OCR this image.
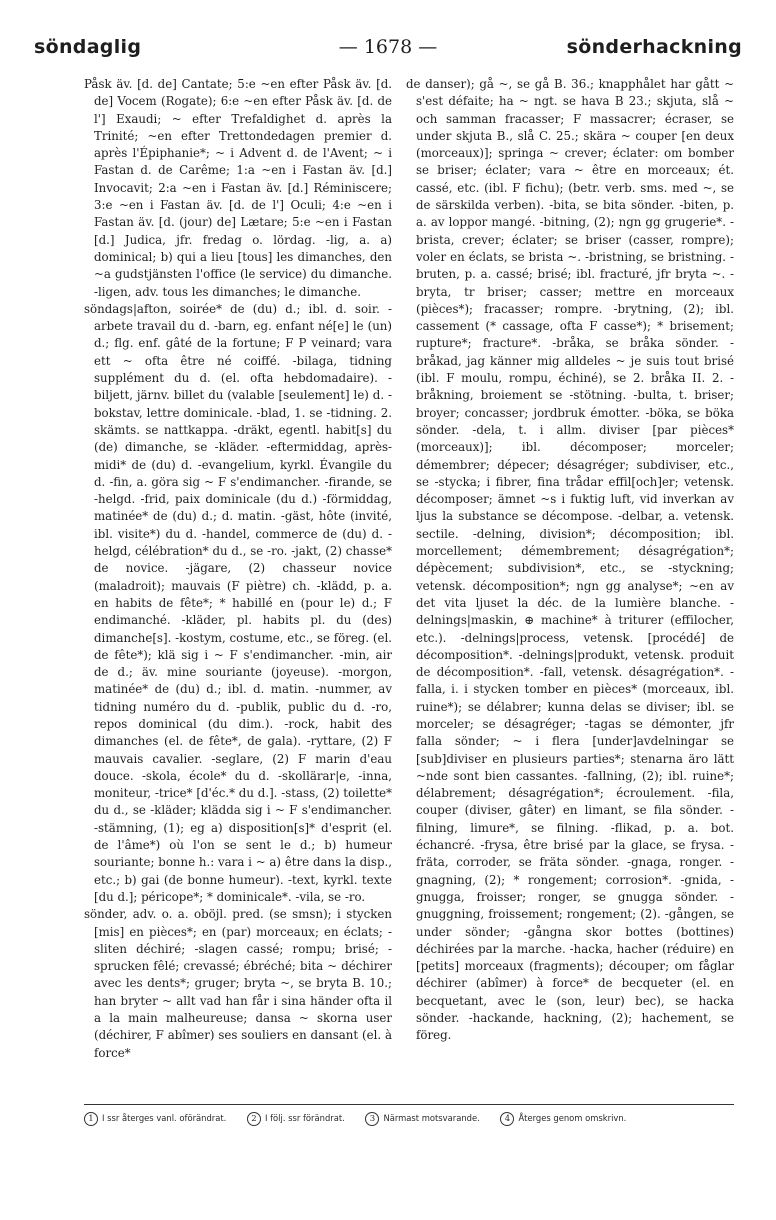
söndaglig	— 1678 —	sönderhackning

Påsk äv. [d. de] Cantate; 5:e ~en efter Påsk äv. [d. de] Vocem (Rogate); 6:e ~en efter Påsk äv. [d. de l'] Exaudi; ~ efter Trefaldighet d. après la Trinité; ~en efter Trettondedagen premier d. après l'Épiphanie*; ~ i Advent d. de l'Avent; ~ i Fastan d. de Carême; 1:a ~en i Fastan äv. [d.] Invocavit; 2:a ~en i Fastan äv. [d.] Réminiscere; 3:e ~en i Fastan äv. [d. de l'] Oculi; 4:e ~en i Fastan äv. [d. (jour) de] Lætare; 5:e ~en i Fastan [d.] Judica, jfr. fredag o. lördag. -lig, a. a) dominical; b) qui a lieu [tous] les dimanches, den ~a gudstjänsten l'office (le service) du dimanche. -ligen, adv. tous les dimanches; le dimanche.

söndags|afton, soirée* de (du) d.; ibl. d. soir. -arbete travail du d. -barn, eg. enfant né[e] le (un) d.; flg. enf. gâté de la fortune; F P veinard; vara ett ~ ofta être né coiffé. -bilaga, tidning supplément du d. (el. ofta hebdomadaire). -biljett, järnv. billet du (valable [seulement] le) d. -bokstav, lettre dominicale. -blad, 1. se -tidning. 2. skämts. se nattkappa. -dräkt, egentl. habit[s] du (de) dimanche, se -kläder. -eftermiddag, après-midi* de (du) d. -evangelium, kyrkl. Évangile du d. -fin, a. göra sig ~ F s'endimancher. -firande, se -helgd. -frid, paix dominicale (du d.) -förmiddag, matinée* de (du) d.; d. matin. -gäst, hôte (invité, ibl. visite*) du d. -handel, commerce de (du) d. -helgd, célébration* du d., se -ro. -jakt, (2) chasse* de novice. -jägare, (2) chasseur novice (maladroit); mauvais (F piètre) ch. -klädd, p. a. en habits de fête*; * habillé en (pour le) d.; F endimanché. -kläder, pl. habits pl. du (des) dimanche[s]. -kostym, costume, etc., se föreg. (el. de fête*); klä sig i ~ F s'endimancher. -min, air de d.; äv. mine souriante (joyeuse). -morgon, matinée* de (du) d.; ibl. d. matin. -nummer, av tidning numéro du d. -publik, public du d. -ro, repos dominical (du dim.). -rock, habit des dimanches (el. de fête*, de gala). -ryttare, (2) F mauvais cavalier. -seglare, (2) F marin d'eau douce. -skola, école* du d. -skollärar|e, -inna, moniteur, -trice* [d'éc.* du d.]. -stass, (2) toilette* du d., se -kläder; klädda sig i ~ F s'endimancher. -stämning, (1); eg a) disposition[s]* d'esprit (el. de l'âme*) où l'on se sent le d.; b) humeur souriante; bonne h.: vara i ~ a) être dans la disp., etc.; b) gai (de bonne humeur). -text, kyrkl. texte [du d.]; péricope*; * dominicale*. -vila, se -ro.

sönder, adv. o. a. oböjl. pred. (se smsn); i stycken [mis] en pièces*; en (par) morceaux; en éclats; -sliten déchiré; -slagen cassé; rompu; brisé; -sprucken fêlé; crevassé; ébréché; bita ~ déchirer avec les dents*; gruger; bryta ~, se bryta B. 10.; han bryter ~ allt vad han får i sina händer ofta il a la main malheureuse; dansa ~ skorna user (déchirer, F abîmer) ses souliers en dansant (el. à force*

de danser); gå ~, se gå B. 36.; knapphålet har gått ~ s'est défaite; ha ~ ngt. se hava B 23.; skjuta, slå ~ och samman fracasser; F massacrer; écraser, se under skjuta B., slå C. 25.; skära ~ couper [en deux (morceaux)]; springa ~ crever; éclater: om bomber se briser; éclater; vara ~ être en morceaux; ét. cassé, etc. (ibl. F fichu); (betr. verb. sms. med ~, se de särskilda verben). -bita, se bita sönder. -biten, p. a. av loppor mangé. -bitning, (2); ngn gg grugerie*. -brista, crever; éclater; se briser (casser, rompre); voler en éclats, se brista ~. -bristning, se bristning. -bruten, p. a. cassé; brisé; ibl. fracturé, jfr bryta ~. -bryta, tr briser; casser; mettre en morceaux (pièces*); fracasser; rompre. -brytning, (2); ibl. cassement (* cassage, ofta F casse*); * brisement; rupture*; fracture*. -bråka, se bråka sönder. -bråkad, jag känner mig alldeles ~ je suis tout brisé (ibl. F moulu, rompu, échiné), se 2. bråka II. 2. -bråkning, broiement se -stötning. -bulta, t. briser; broyer; concasser; jordbruk émotter. -böka, se böka sönder. -dela, t. i allm. diviser [par pièces* (morceaux)]; ibl. décomposer; morceler; démembrer; dépecer; désagréger; subdiviser, etc., se -stycka; i fibrer, fina trådar effil[och]er; vetensk. décomposer; ämnet ~s i fuktig luft, vid inverkan av ljus la substance se décompose. -delbar, a. vetensk. sectile. -delning, division*; décomposition; ibl. morcellement; démembrement; désagrégation*; dépècement; subdivision*, etc., se -styckning; vetensk. décomposition*; ngn gg analyse*; ~en av det vita ljuset la déc. de la lumière blanche. -delnings|maskin, ⊕ machine* à triturer (effilocher, etc.). -delnings|process, vetensk. [procédé] de décomposition*. -delnings|produkt, vetensk. produit de décomposition*. -fall, vetensk. désagrégation*. -falla, i. i stycken tomber en pièces* (morceaux, ibl. ruine*); se délabrer; kunna delas se diviser; ibl. se morceler; se désagréger; -tagas se démonter, jfr falla sönder; ~ i flera [under]avdelningar se [sub]diviser en plusieurs parties*; stenarna äro lätt ~nde sont bien cassantes. -fallning, (2); ibl. ruine*; délabrement; désagrégation*; écroulement. -fila, couper (diviser, gâter) en limant, se fila sönder. -filning, limure*, se filning. -flikad, p. a. bot. échancré. -frysa, être brisé par la glace, se frysa. -fräta, corroder, se fräta sönder. -gnaga, ronger. -gnagning, (2); * rongement; corrosion*. -gnida, -gnugga, froisser; ronger, se gnugga sönder. -gnuggning, froissement; rongement; (2). -gången, se under sönder; -gångna skor bottes (bottines) déchirées par la marche. -hacka, hacher (réduire) en [petits] morceaux (fragments); découper; om fåglar déchirer (abîmer) à force* de becqueter (el. en becquetant, avec le (son, leur) bec), se hacka sönder. -hackande, hackning, (2); hachement, se föreg.

1 I ssr återges vanl. oförändrat.	2 I följ. ssr förändrat.	3 Närmast motsvarande.	4 Återges genom omskrivn.
